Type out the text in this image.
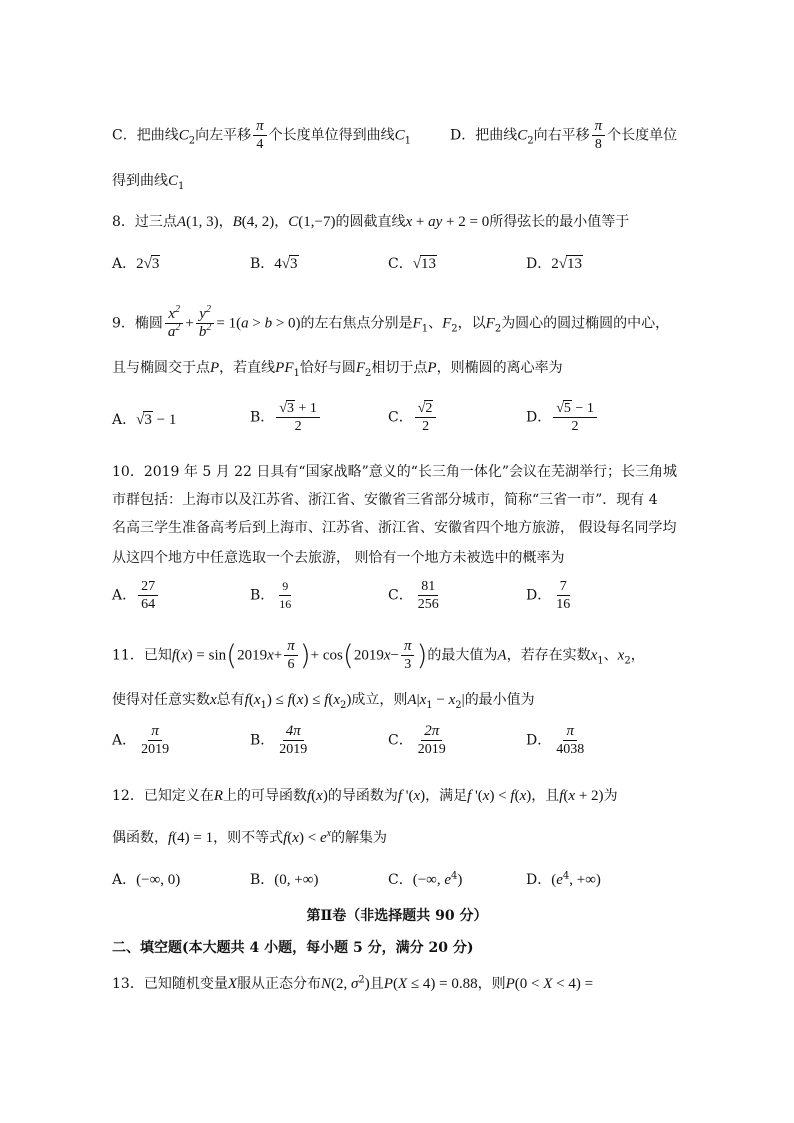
C．把曲线$C_2$向左平移 $\frac{\pi}{4}$ 个长度单位得到曲线$C_1$	D．把曲线$C_2$向右平移 $\frac{\pi}{8}$ 个长度单位
得到曲线$C_1$
8．过三点A(1, 3)，B(4, 2)，C(1,−7)的圆截直线x + ay + 2 = 0所得弦长的最小值等于
A．2√3	B．4√3	C．√13	D．2√13
9．椭圆 $\frac{x^2}{a^2} + \frac{y^2}{b^2} = 1(a > b > 0)$的左右焦点分别是$F_1$、$F_2$，以$F_2$为圆心的圆过椭圆的中心，
且与椭圆交于点P，若直线$PF_1$恰好与圆$F_2$相切于点P，则椭圆的离心率为
A．√3 − 1	B． $\frac{√3 + 1}{2}$	C． $\frac{√2}{2}$	D． $\frac{√5 - 1}{2}$
10．2019 年 5 月 22 日具有“国家战略”意义的“长三角一体化”会议在芜湖举行；长三角城
市群包括：上海市以及江苏省、浙江省、安徽省三省部分城市，简称“三省一市”．现有 4
名高三学生准备高考后到上海市、江苏省、浙江省、安徽省四个地方旅游， 假设每名同学均
从这四个地方中任意选取一个去旅游， 则恰有一个地方未被选中的概率为
A． $\frac{27}{64}$	B． $\frac{9}{16}$	C． $\frac{81}{256}$	D． $\frac{7}{16}$
11．已知$f(x) = \sin(2019x+ \frac{\pi}{6}$ )+ $\cos(2019x- \frac{\pi}{3}$ )的最大值为A，若存在实数$x_1$、$x_2$，
使得对任意实数x总有$f(x_1) \le f(x) \le f(x_2)$成立，则$A|x_1 - x_2|$的最小值为
A． $\frac{\pi}{2019}$	B． $\frac{4\pi}{2019}$	C． $\frac{2\pi}{2019}$	D． $\frac{\pi}{4038}$
12．已知定义在R上的可导函数f(x)的导函数为f '(x)，满足f '(x) < f(x)，且f(x + 2)为
偶函数，f(4) = 1，则不等式$f(x) < e^x$的解集为
A．(−∞, 0)	B．(0, +∞)	C．(−∞, $e^4$)	D．($e^4$, +∞)
第Ⅱ卷（非选择题共 90 分）
二、填空题(本大题共 4 小题，每小题 5 分，满分 20 分)
13．已知随机变量X服从正态分布N(2, $\sigma^2$)且P(X ≤ 4) = 0.88，则P(0 < X < 4) =
